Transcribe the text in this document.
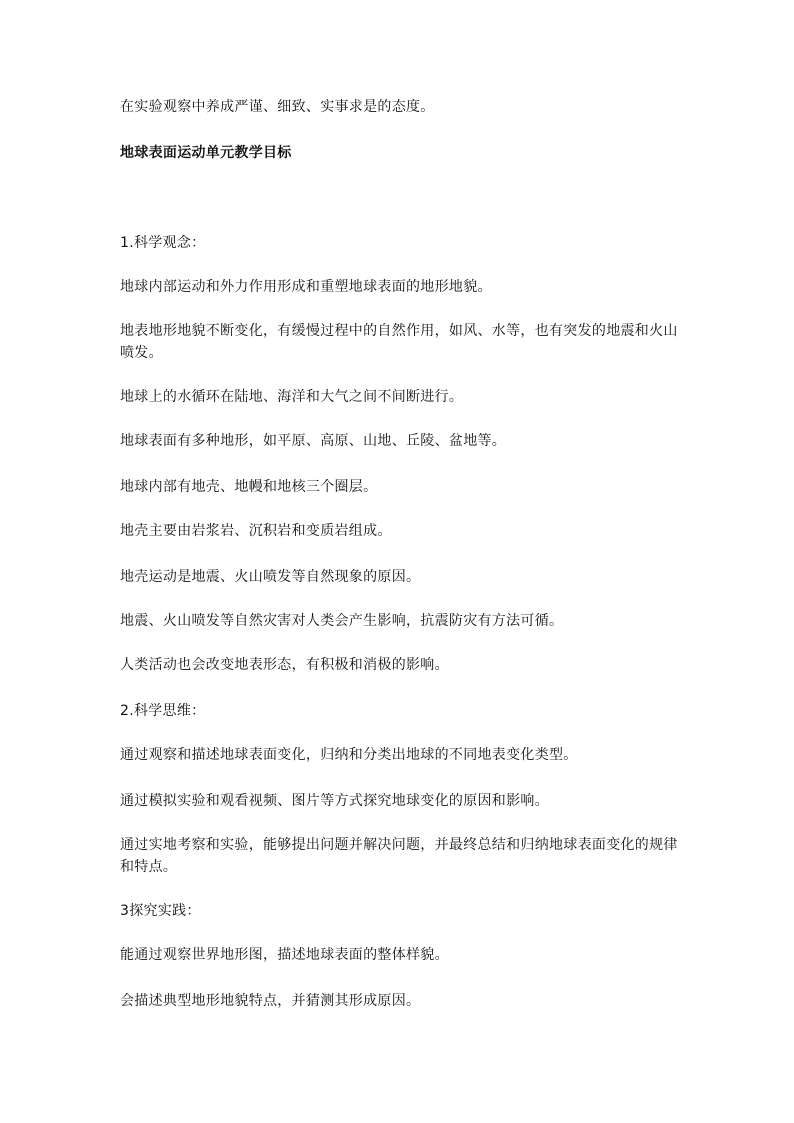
在实验观察中养成严谨、细致、实事求是的态度。

地球表面运动单元教学目标

1.科学观念：

地球内部运动和外力作用形成和重塑地球表面的地形地貌。

地表地形地貌不断变化，有缓慢过程中的自然作用，如风、水等，也有突发的地震和火山喷发。

地球上的水循环在陆地、海洋和大气之间不间断进行。

地球表面有多种地形，如平原、高原、山地、丘陵、盆地等。

地球内部有地壳、地幔和地核三个圈层。

地壳主要由岩浆岩、沉积岩和变质岩组成。

地壳运动是地震、火山喷发等自然现象的原因。

地震、火山喷发等自然灾害对人类会产生影响，抗震防灾有方法可循。

人类活动也会改变地表形态，有积极和消极的影响。

2.科学思维：

通过观察和描述地球表面变化，归纳和分类出地球的不同地表变化类型。

通过模拟实验和观看视频、图片等方式探究地球变化的原因和影响。

通过实地考察和实验，能够提出问题并解决问题，并最终总结和归纳地球表面变化的规律和特点。

3探究实践：

能通过观察世界地形图，描述地球表面的整体样貌。

会描述典型地形地貌特点，并猜测其形成原因。
